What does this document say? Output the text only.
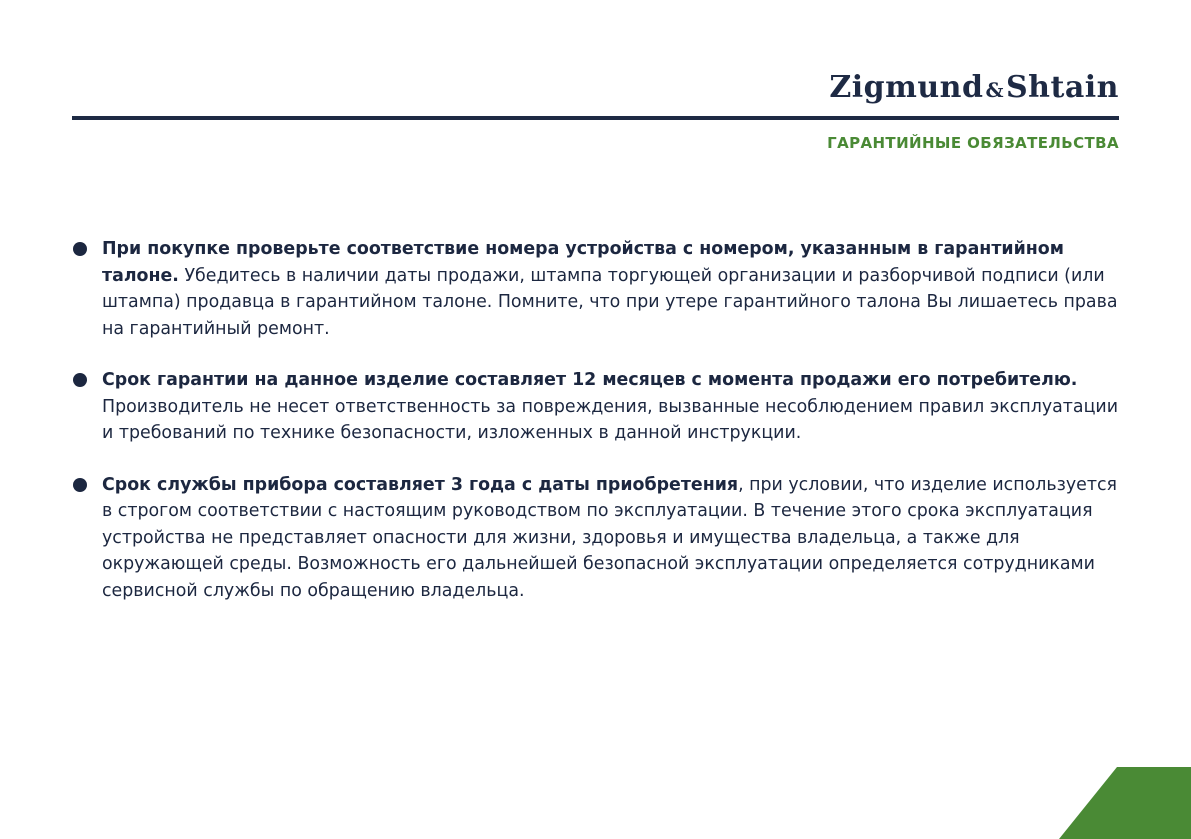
Zigmund &Shtain
ГАРАНТИЙНЫЕ ОБЯЗАТЕЛЬСТВА
При покупке проверьте соответствие номера устройства с номером, указанным в гарантийном талоне. Убедитесь в наличии даты продажи, штампа торгующей организации и разборчивой подписи (или штампа) продавца в гарантийном талоне. Помните, что при утере гарантийного талона Вы лишаетесь права на гарантийный ремонт.
Срок гарантии на данное изделие составляет 12 месяцев с момента продажи его потребителю. Производитель не несет ответственность за повреждения, вызванные несоблюдением правил эксплуатации и требований по технике безопасности, изложенных в данной инструкции.
Срок службы прибора составляет 3 года с даты приобретения, при условии, что изделие используется в строгом соответствии с настоящим руководством по эксплуатации. В течение этого срока эксплуатация устройства не представляет опасности для жизни, здоровья и имущества владельца, а также для окружающей среды. Возможность его дальнейшей безопасной эксплуатации определяется сотрудниками сервисной службы по обращению владельца.
